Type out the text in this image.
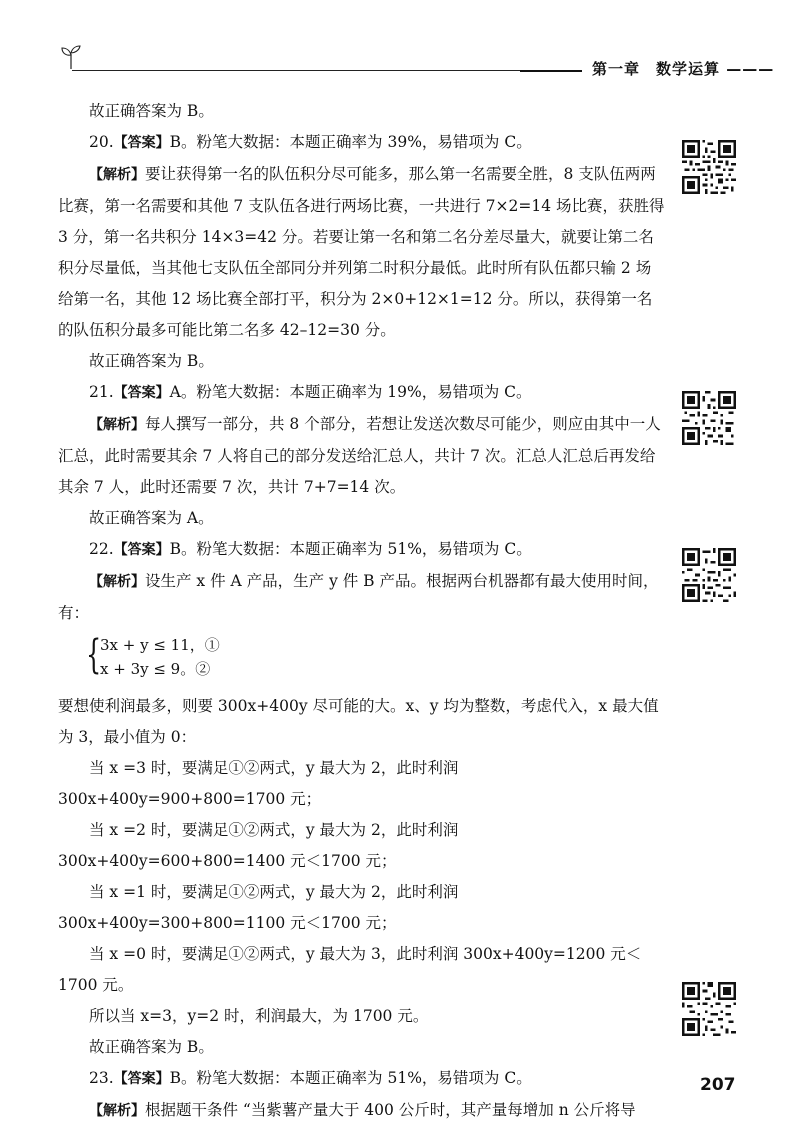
第一章　数学运算 ———

故正确答案为 B。

20.【答案】B。粉笔大数据：本题正确率为 39%，易错项为 C。

【解析】要让获得第一名的队伍积分尽可能多，那么第一名需要全胜，8 支队伍两两比赛，第一名需要和其他 7 支队伍各进行两场比赛，一共进行 7×2=14 场比赛，获胜得 3 分，第一名共积分 14×3=42 分。若要让第一名和第二名分差尽量大，就要让第二名积分尽量低，当其他七支队伍全部同分并列第二时积分最低。此时所有队伍都只输 2 场给第一名，其他 12 场比赛全部打平，积分为 2×0+12×1=12 分。所以，获得第一名的队伍积分最多可能比第二名多 42–12=30 分。

故正确答案为 B。

21.【答案】A。粉笔大数据：本题正确率为 19%，易错项为 C。

【解析】每人撰写一部分，共 8 个部分，若想让发送次数尽可能少，则应由其中一人汇总，此时需要其余 7 人将自己的部分发送给汇总人，共计 7 次。汇总人汇总后再发给其余 7 人，此时还需要 7 次，共计 7+7=14 次。

故正确答案为 A。

22.【答案】B。粉笔大数据：本题正确率为 51%，易错项为 C。

【解析】设生产 x 件 A 产品，生产 y 件 B 产品。根据两台机器都有最大使用时间，有：

{
3x + y ≤ 11，①
x + 3y ≤ 9。②

要想使利润最多，则要 300x+400y 尽可能的大。x、y 均为整数，考虑代入，x 最大值为 3，最小值为 0：

当 x =3 时，要满足①②两式，y 最大为 2，此时利润 300x+400y=900+800=1700 元；

当 x =2 时，要满足①②两式，y 最大为 2，此时利润 300x+400y=600+800=1400 元＜1700 元；

当 x =1 时，要满足①②两式，y 最大为 2，此时利润 300x+400y=300+800=1100 元＜1700 元；

当 x =0 时，要满足①②两式，y 最大为 3，此时利润 300x+400y=1200 元＜ 1700 元。

所以当 x=3，y=2 时，利润最大，为 1700 元。

故正确答案为 B。

23.【答案】B。粉笔大数据：本题正确率为 51%，易错项为 C。

【解析】根据题干条件 “当紫薯产量大于 400 公斤时，其产量每增加 n 公斤将导

207
